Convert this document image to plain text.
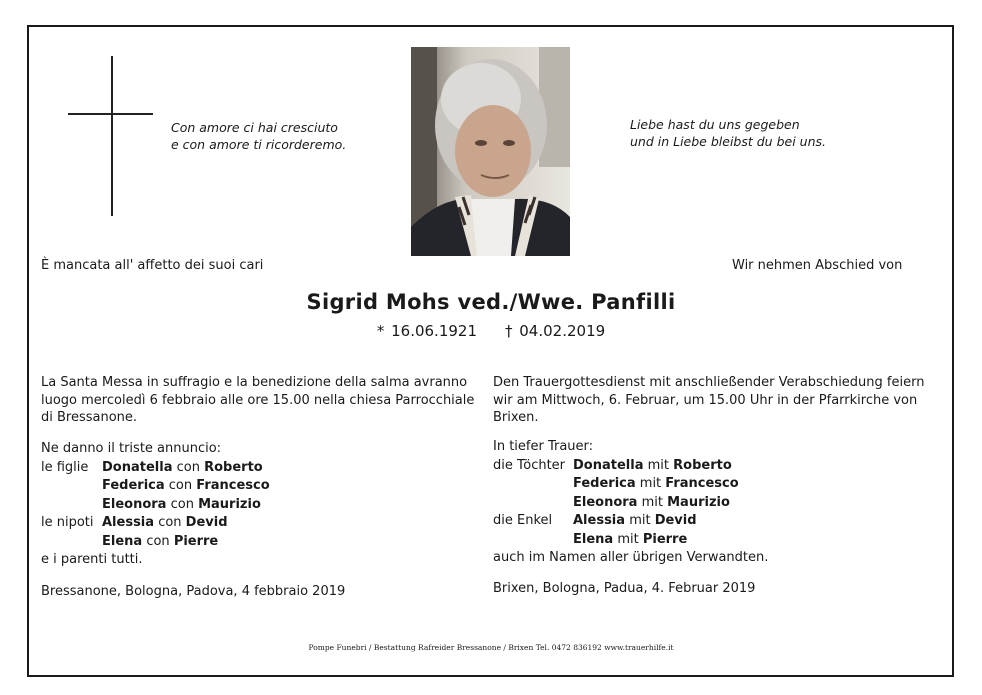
Con amore ci hai cresciuto
e con amore ti ricorderemo.
Liebe hast du uns gegeben
und in Liebe bleibst du bei uns.
È mancata all' affetto dei suoi cari	Wir nehmen Abschied von
Sigrid Mohs ved./Wwe. Panfilli
* 16.06.1921 † 04.02.2019
La Santa Messa in suffragio e la benedizione della salma avranno luogo mercoledì 6 febbraio alle ore 15.00 nella chiesa Parrocchiale di Bressanone.
Den Trauergottesdienst mit anschließender Verabschiedung feiern wir am Mittwoch, 6. Februar, um 15.00 Uhr in der Pfarrkirche von Brixen.
Ne danno il triste annuncio:
le figlie	Donatella con Roberto
Federica con Francesco
Eleonora con Maurizio
le nipoti Alessia con Devid
Elena con Pierre
e i parenti tutti.
In tiefer Trauer:
die Töchter Donatella mit Roberto
Federica mit Francesco
Eleonora mit Maurizio
die Enkel	Alessia mit Devid
Elena mit Pierre
auch im Namen aller übrigen Verwandten.
Bressanone, Bologna, Padova, 4 febbraio 2019	Brixen, Bologna, Padua, 4. Februar 2019
Pompe Funebri / Bestattung Rafreider Bressanone / Brixen Tel. 0472 836192 www.trauerhilfe.it
